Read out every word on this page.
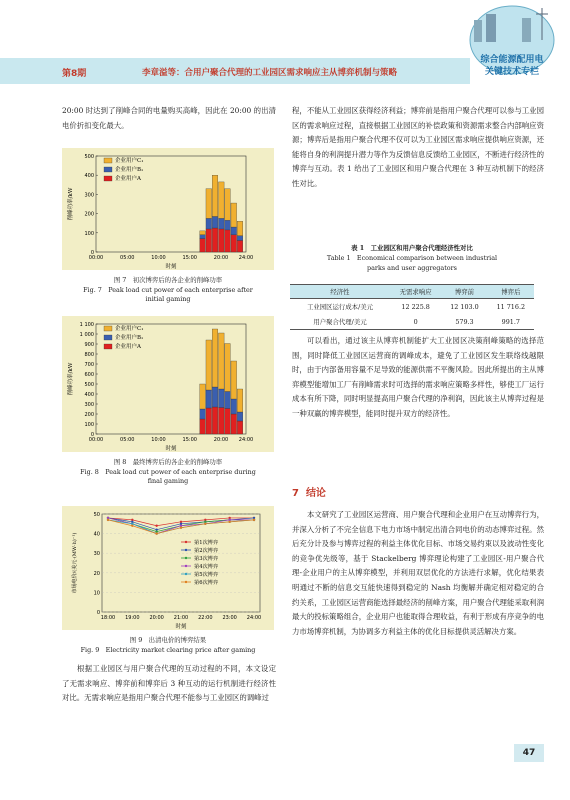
第8期	李章溢等：合用户聚合代理的工业园区需求响应主从博弈机制与策略
综合能源配用电
关键技术专栏
20:00 时达到了削峰合同的电量购买高峰，因此在 20:00 的出清电价折扣变化最大。
0
100
200
300
400
500
00:00	05:00	10:00	15:00	20:00 24:00
时刻
削峰功率/kW
企业用户C₁
企业用户B₁
企业用户A
图 7　初次博弈后的各企业的削峰功率
Fig. 7　Peak load cut power of each enterprise after
initial gaming
0
100
200
300
400
500
600
700
800
900
1 000
1 100
00:00	05:00	10:00	15:00	20:00 24:00
时刻
削峰功率/kW
企业用户C₁
企业用户B₁
企业用户A
图 8　最终博弈后的各企业的削峰功率
Fig. 8　Peak load cut power of each enterprise during
final gaming
0
10
20
30
40
50
18:00 19:00 20:00 21:00 22:00 23:00 24:00
时刻
市场电价/(美元·(MW·h)⁻¹)	第1次博弈
第2次博弈
第3次博弈
第4次博弈
第5次博弈
第6次博弈
图 9　出清电价的博弈结果
Fig. 9　Electricity market clearing price after gaming
根据工业园区与用户聚合代理的互动过程的不同，本文设定了无需求响应、博弈前和博弈后 3 种互动的运行机制进行经济性对比。无需求响应是指用户聚合代理不能参与工业园区的调峰过
程，不能从工业园区获得经济利益；博弈前是指用户聚合代理可以参与工业园区的需求响应过程，直接根据工业园区的补偿政策和资源需求整合内部响应资源；博弈后是指用户聚合代理不仅可以为工业园区需求响应提供响应资源，还能将自身的利润提升潜力等作为反馈信息反馈给工业园区，不断进行经济性的博弈与互动。表 1 给出了工业园区和用户聚合代理在 3 种互动机制下的经济性对比。
表 1　工业园区和用户聚合代理经济性对比
Table 1　Economical comparison between industrial
parks and user aggregators
经济性	无需求响应	博弈前	博弈后
工业园区运行成本/美元	12 225.8	12 103.0	11 716.2
用户聚合代理/美元	0	579.3	991.7
可以看出，通过该主从博弈机制能扩大工业园区决策削峰策略的选择范围，同时降低工业园区运营商的调峰成本，避免了工业园区发生联络线越限时，由于内部备用容量不足导致的能源供需不平衡风险。因此所提出的主从博弈模型能增加工厂有削峰需求时可选择的需求响应策略多样性，够使工厂运行成本有所下降，同时明显提高用户聚合代理的净利润，因此该主从博弈过程是一种双赢的博弈模型，能同时提升双方的经济性。
7 结论
本文研究了工业园区运营商、用户聚合代理和企业用户在互动博弈行为，并深入分析了不完全信息下电力市场中制定出清合同电价的动态博弈过程。然后充分计及参与博弈过程的利益主体优化目标、市场交易约束以及波动性变化的竞争优先级等，基于 Stackelberg 博弈理论构建了工业园区-用户聚合代理-企业用户的主从博弈模型，并利用双层优化的方法进行求解，优化结果表明通过不断的信息交互能快速得到稳定的 Nash 均衡解并确定相对稳定的合约关系，工业园区运营商能选择最经济的削峰方案，用户聚合代理能采取利润最大的投标策略组合，企业用户也能取得合理收益，有利于形成有序竞争的电力市场博弈机制，为协调多方利益主体的优化目标提供灵活解决方案。
47
